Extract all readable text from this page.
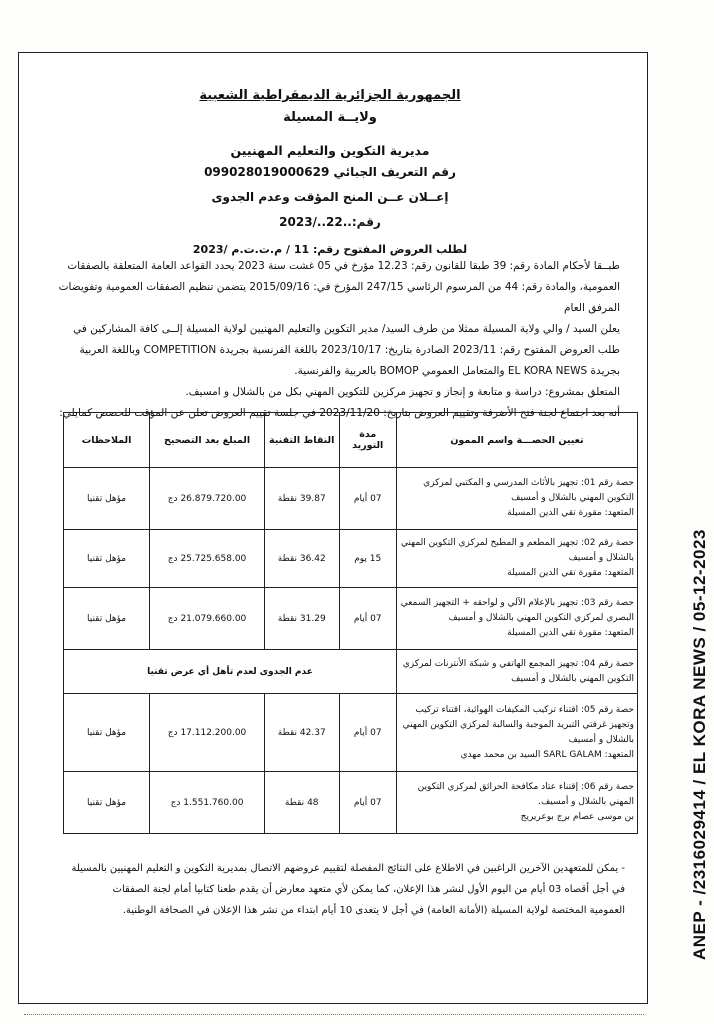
الجمهورية الجزائرية الديمقراطية الشعبية
ولايــة المسيلة
مديرية التكوين والتعليم المهنيين
رقم التعريف الجبائي 099028019000629
إعــلان عــن المنح المؤقت وعدم الجدوى
رقم:..22../2023
لطلب العروض المفتوح رقم: 11 / م.ت.ت.م /2023
طبــقا لأحكام المادة رقم: 39 طبقا للقانون رقم: 12.23 مؤرخ في 05 غشت سنة 2023 يحدد القواعد العامة المتعلقة بالصفقات
العمومية، والمادة رقم: 44 من المرسوم الرئاسي 247/15 المؤرخ في: 2015/09/16 يتضمن تنظيم الصفقات العمومية وتفويضات المرفق العام
يعلن السيد / والي ولاية المسيلة ممثلا من طرف السيد/ مدير التكوين والتعليم المهنيين لولاية المسيلة إلــى كافة المشاركين في
طلب العروض المفتوح رقم: 2023/11 الصادرة بتاريخ: 2023/10/17 باللغة الفرنسية بجريدة COMPETITION وباللغة العربية
بجريدة EL KORA NEWS والمتعامل العمومي BOMOP بالعربية والفرنسية.
المتعلق بمشروع: دراسة و متابعة و إنجاز و تجهيز مركزين للتكوين المهني بكل من بالشلال و امسيف.
أنه بعد اجتماع لجنة فتح الأضرفة وتقييم العروض بتاريخ: 2023/11/20 في جلسة تقييم العروض تعلن عن المؤقت للحصص كمايلي:
تعيين الحصـــة واسم الممون	مدة التوريد	النقاط التقنية	المبلغ بعد التصحيح	الملاحظات

حصة رقم 01: تجهيز بالأثاث المدرسي و المكتبي لمركزي التكوين المهني بالشلال و أمسيف
المتعهد: مقورة تقي الدين المسيلة	07 أيام	39.87 نقطة	26.879.720.00 دج	مؤهل تقنيا

حصة رقم 02: تجهيز المطعم و المطبخ لمركزي التكوين المهني بالشلال و أمسيف
المتعهد: مقورة تقي الدين المسيلة	15 يوم	36.42 نقطة	25.725.658.00 دج	مؤهل تقنيا

حصة رقم 03: تجهيز بالإعلام الآلي و لواحقه + التجهيز السمعي البصري لمركزي التكوين المهني بالشلال و أمسيف
المتعهد: مقورة تقي الدين المسيلة	07 أيام	31.29 نقطة	21.079.660.00 دج	مؤهل تقنيا
حصة رقم 04: تجهيز المجمع الهاتفي و شبكة الأنترنات لمركزي التكوين المهني بالشلال و أمسيف	عدم الجدوى لعدم تأهل أي عرض تقنيا			

حصة رقم 05: اقتناء تركيب المكيفات الهوائية، اقتناء تركيب وتجهيز غرفتي التبريد الموجبة والسالبة لمركزي التكوين المهني بالشلال و أمسيف
المتعهد: SARL GALAM السيد بن محمد مهدي	07 أيام	42.37 نقطة	17.112.200.00 دج	مؤهل تقنيا

حصة رقم 06: إقتناء عتاد مكافحة الحرائق لمركزي التكوين المهني بالشلال و أمسيف.
بن موسى عصام برج بوعريريج	07 أيام	48 نقطة	1.551.760.00 دج	مؤهل تقنيا
- يمكن للمتعهدين الآخرين الراغبين في الاطلاع على النتائج المفصلة لتقييم عروضهم الاتصال بمديرية التكوين و التعليم المهنيين بالمسيلة
في أجل أقصاه 03 أيام من اليوم الأول لنشر هذا الإعلان، كما يمكن لأي متعهد معارض أن يقدم طعنا كتابيا أمام لجنة الصفقات
العمومية المختصة لولاية المسيلة (الأمانة العامة) في أجل لا يتعدى 10 أيام ابتداء من نشر هذا الإعلان في الصحافة الوطنية.	ANEP - /2316029414 / EL KORA NEWS / 05-12-2023
